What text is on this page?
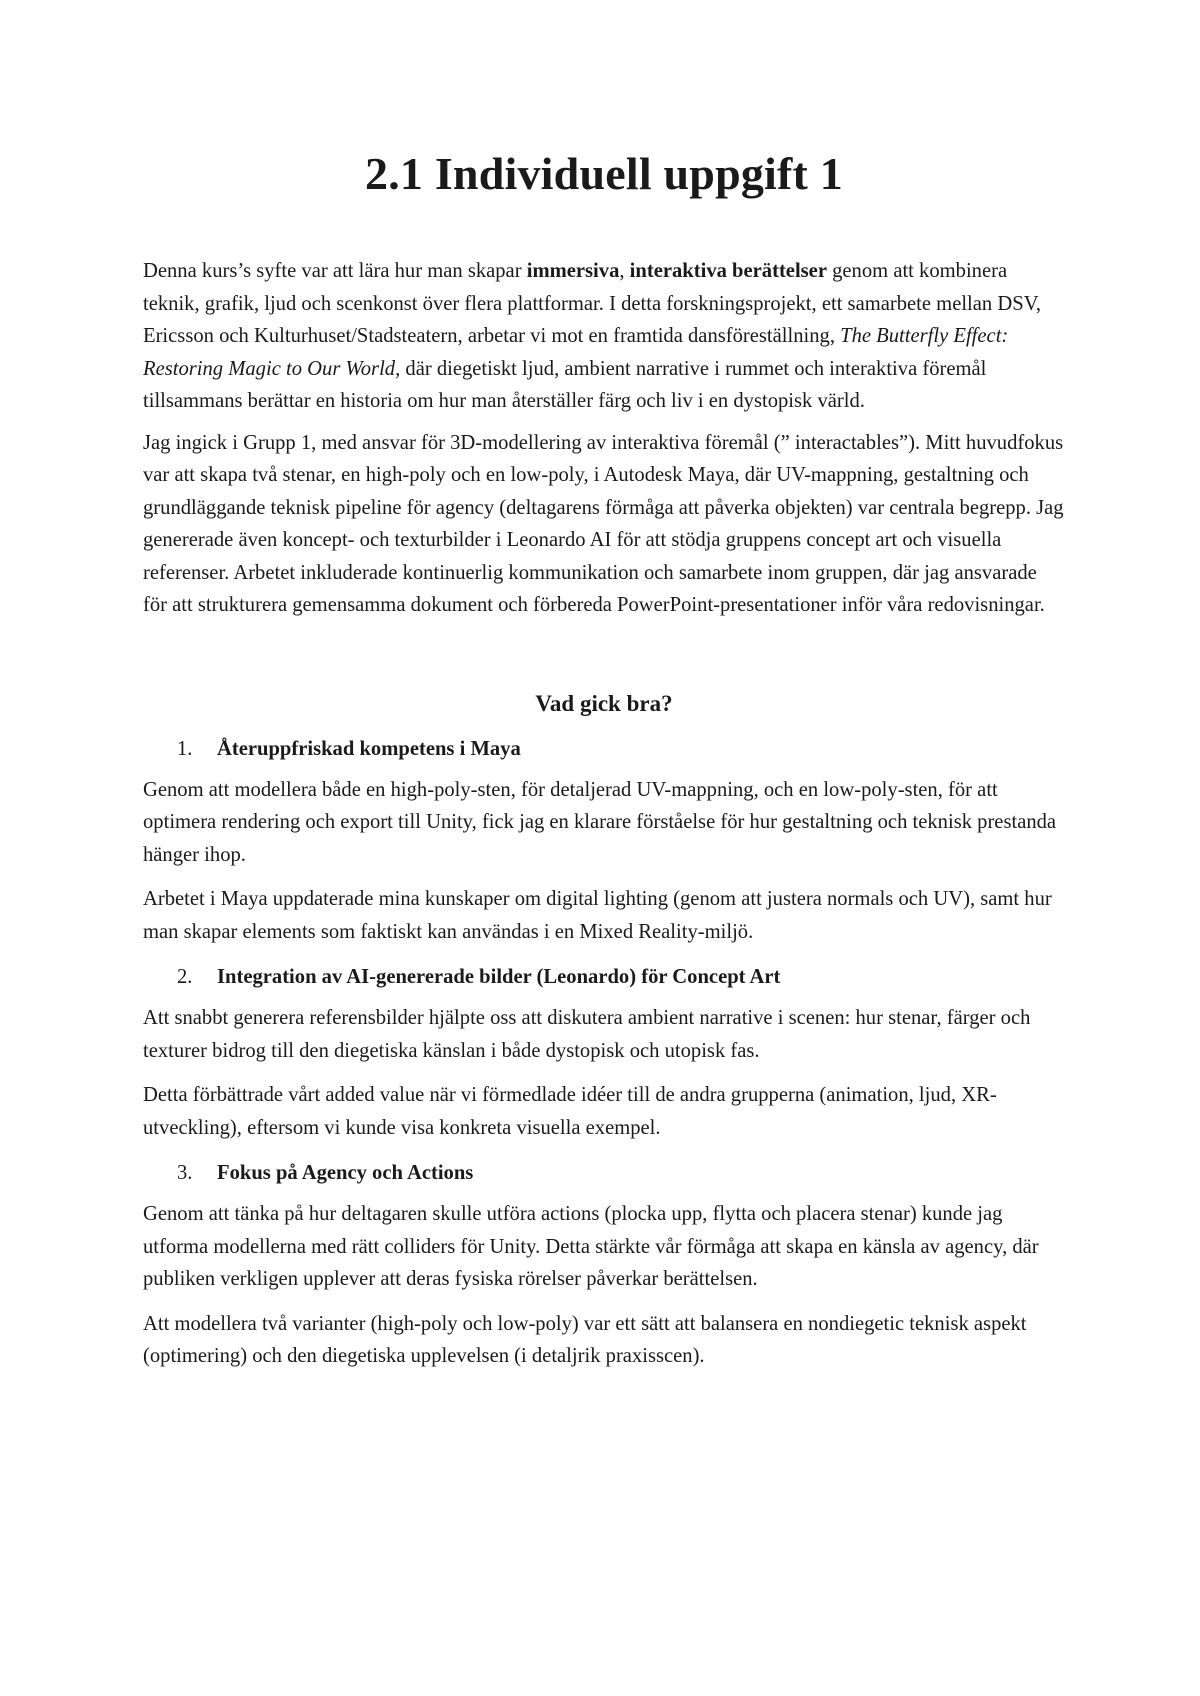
2.1 Individuell uppgift 1

Denna kurs’s syfte var att lära hur man skapar immersiva, interaktiva berättelser genom att kombinera teknik, grafik, ljud och scenkonst över flera plattformar. I detta forskningsprojekt, ett samarbete mellan DSV, Ericsson och Kulturhuset/Stadsteatern, arbetar vi mot en framtida dansföreställning, The Butterfly Effect: Restoring Magic to Our World, där diegetiskt ljud, ambient narrative i rummet och interaktiva föremål tillsammans berättar en historia om hur man återställer färg och liv i en dystopisk värld.

Jag ingick i Grupp 1, med ansvar för 3D-modellering av interaktiva föremål (” interactables”). Mitt huvudfokus var att skapa två stenar, en high-poly och en low-poly, i Autodesk Maya, där UV-mappning, gestaltning och grundläggande teknisk pipeline för agency (deltagarens förmåga att påverka objekten) var centrala begrepp. Jag genererade även koncept- och texturbilder i Leonardo AI för att stödja gruppens concept art och visuella referenser. Arbetet inkluderade kontinuerlig kommunikation och samarbete inom gruppen, där jag ansvarade för att strukturera gemensamma dokument och förbereda PowerPoint-presentationer inför våra redovisningar.

Vad gick bra?
1. Återuppfriskad kompetens i Maya

Genom att modellera både en high-poly-sten, för detaljerad UV-mappning, och en low-poly-sten, för att optimera rendering och export till Unity, fick jag en klarare förståelse för hur gestaltning och teknisk prestanda hänger ihop.

Arbetet i Maya uppdaterade mina kunskaper om digital lighting (genom att justera normals och UV), samt hur man skapar elements som faktiskt kan användas i en Mixed Reality-miljö.

2. Integration av AI-genererade bilder (Leonardo) för Concept Art

Att snabbt generera referensbilder hjälpte oss att diskutera ambient narrative i scenen: hur stenar, färger och texturer bidrog till den diegetiska känslan i både dystopisk och utopisk fas.

Detta förbättrade vårt added value när vi förmedlade idéer till de andra grupperna (animation, ljud, XR-utveckling), eftersom vi kunde visa konkreta visuella exempel.

3. Fokus på Agency och Actions

Genom att tänka på hur deltagaren skulle utföra actions (plocka upp, flytta och placera stenar) kunde jag utforma modellerna med rätt colliders för Unity. Detta stärkte vår förmåga att skapa en känsla av agency, där publiken verkligen upplever att deras fysiska rörelser påverkar berättelsen.

Att modellera två varianter (high-poly och low-poly) var ett sätt att balansera en nondiegetic teknisk aspekt (optimering) och den diegetiska upplevelsen (i detaljrik praxisscen).
